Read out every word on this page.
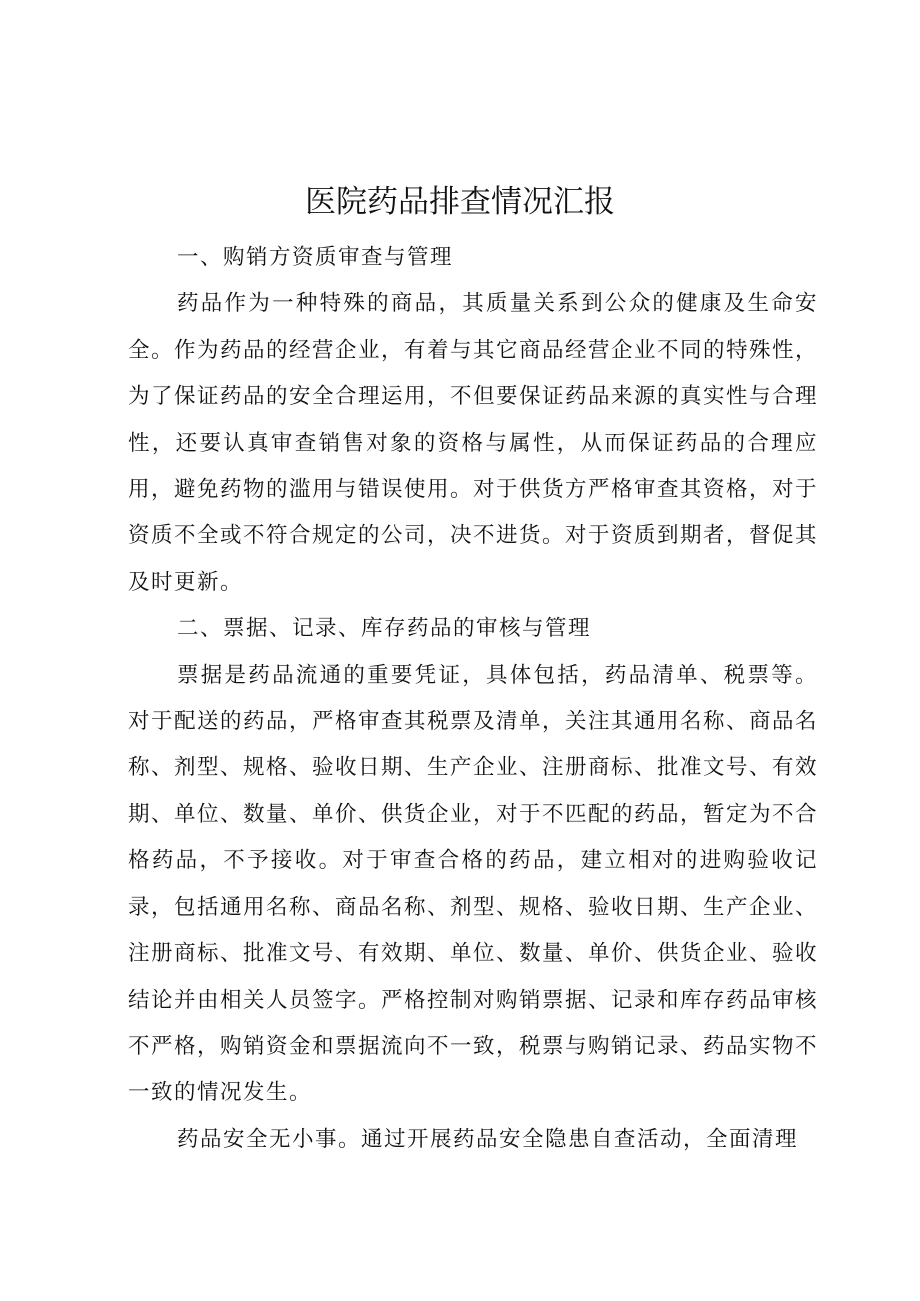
医院药品排查情况汇报

一、购销方资质审查与管理

药品作为一种特殊的商品，其质量关系到公众的健康及生命安全。作为药品的经营企业，有着与其它商品经营企业不同的特殊性，为了保证药品的安全合理运用，不但要保证药品来源的真实性与合理性，还要认真审查销售对象的资格与属性，从而保证药品的合理应用，避免药物的滥用与错误使用。对于供货方严格审查其资格，对于资质不全或不符合规定的公司，决不进货。对于资质到期者，督促其及时更新。

二、票据、记录、库存药品的审核与管理

票据是药品流通的重要凭证，具体包括，药品清单、税票等。对于配送的药品，严格审查其税票及清单，关注其通用名称、商品名称、剂型、规格、验收日期、生产企业、注册商标、批准文号、有效期、单位、数量、单价、供货企业，对于不匹配的药品，暂定为不合格药品，不予接收。对于审查合格的药品，建立相对的进购验收记录，包括通用名称、商品名称、剂型、规格、验收日期、生产企业、注册商标、批准文号、有效期、单位、数量、单价、供货企业、验收结论并由相关人员签字。严格控制对购销票据、记录和库存药品审核不严格，购销资金和票据流向不一致，税票与购销记录、药品实物不一致的情况发生。

药品安全无小事。通过开展药品安全隐患自查活动，全面清理
